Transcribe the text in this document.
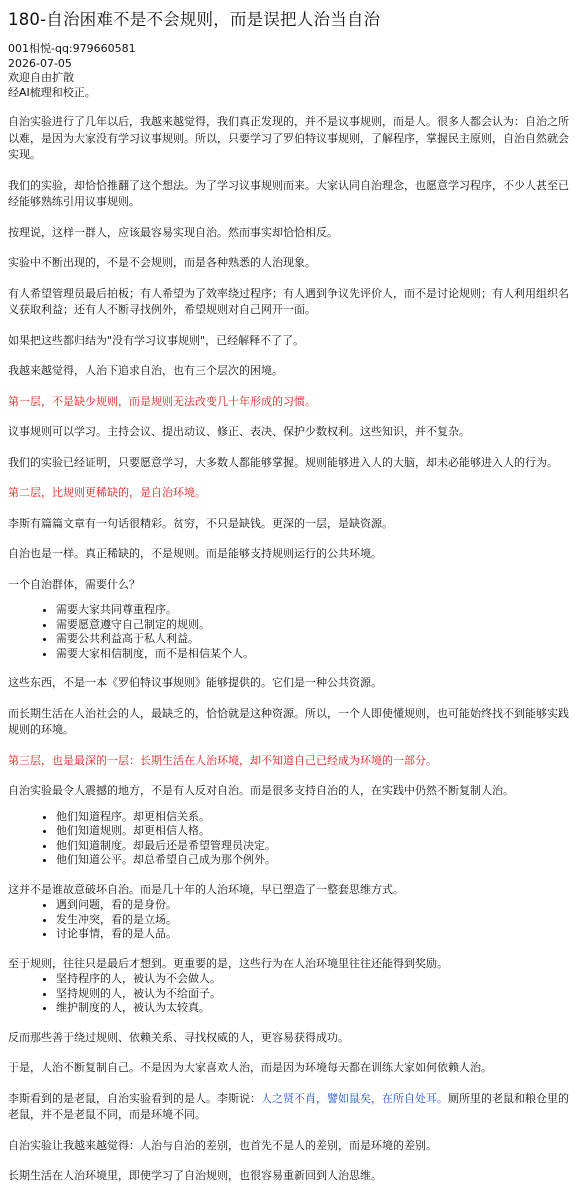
180-自治困难不是不会规则，而是误把人治当自治
001相悦-qq:979660581
2026-07-05
欢迎自由扩散
经AI梳理和校正。

自治实验进行了几年以后，我越来越觉得，我们真正发现的，并不是议事规则，而是人。很多人都会认为：自治之所以难，是因为大家没有学习议事规则。所以，只要学习了罗伯特议事规则，了解程序，掌握民主原则，自治自然就会实现。

我们的实验，却恰恰推翻了这个想法。为了学习议事规则而来。大家认同自治理念，也愿意学习程序，不少人甚至已经能够熟练引用议事规则。

按理说，这样一群人，应该最容易实现自治。然而事实却恰恰相反。

实验中不断出现的，不是不会规则，而是各种熟悉的人治现象。

有人希望管理员最后拍板；有人希望为了效率绕过程序；有人遇到争议先评价人，而不是讨论规则；有人利用组织名义获取利益；还有人不断寻找例外，希望规则对自己网开一面。

如果把这些都归结为"没有学习议事规则"，已经解释不了了。

我越来越觉得，人治下追求自治，也有三个层次的困境。

第一层，不是缺少规则，而是规则无法改变几十年形成的习惯。

议事规则可以学习。主持会议、提出动议、修正、表决、保护少数权利。这些知识，并不复杂。

我们的实验已经证明，只要愿意学习，大多数人都能够掌握。规则能够进入人的大脑，却未必能够进入人的行为。

第二层，比规则更稀缺的，是自治环境。

李斯有篇篇文章有一句话很精彩。贫穷，不只是缺钱。更深的一层，是缺资源。

自治也是一样。真正稀缺的，不是规则。而是能够支持规则运行的公共环境。

一个自治群体，需要什么？

• 需要大家共同尊重程序。
• 需要愿意遵守自己制定的规则。
• 需要公共利益高于私人利益。
• 需要大家相信制度，而不是相信某个人。

这些东西，不是一本《罗伯特议事规则》能够提供的。它们是一种公共资源。

而长期生活在人治社会的人，最缺乏的，恰恰就是这种资源。所以，一个人即使懂规则，也可能始终找不到能够实践规则的环境。

第三层，也是最深的一层：长期生活在人治环境，却不知道自己已经成为环境的一部分。

自治实验最令人震撼的地方，不是有人反对自治。而是很多支持自治的人，在实践中仍然不断复制人治。

• 他们知道程序。却更相信关系。
• 他们知道规则。却更相信人格。
• 他们知道制度。却最后还是希望管理员决定。
• 他们知道公平。却总希望自己成为那个例外。

这并不是谁故意破坏自治。而是几十年的人治环境，早已塑造了一整套思维方式。

• 遇到问题，看的是身份。
• 发生冲突，看的是立场。
• 讨论事情，看的是人品。

至于规则，往往只是最后才想到。更重要的是，这些行为在人治环境里往往还能得到奖励。

• 坚持程序的人，被认为不会做人。
• 坚持规则的人，被认为不给面子。
• 维护制度的人，被认为太较真。

反而那些善于绕过规则、依赖关系、寻找权威的人，更容易获得成功。

于是，人治不断复制自己。不是因为大家喜欢人治，而是因为环境每天都在训练大家如何依赖人治。

李斯看到的是老鼠，自治实验看到的是人。李斯说：人之贤不肖，譬如鼠矣，在所自处耳。厕所里的老鼠和粮仓里的老鼠，并不是老鼠不同，而是环境不同。

自治实验让我越来越觉得：人治与自治的差别，也首先不是人的差别，而是环境的差别。

长期生活在人治环境里，即使学习了自治规则，也很容易重新回到人治思维。
